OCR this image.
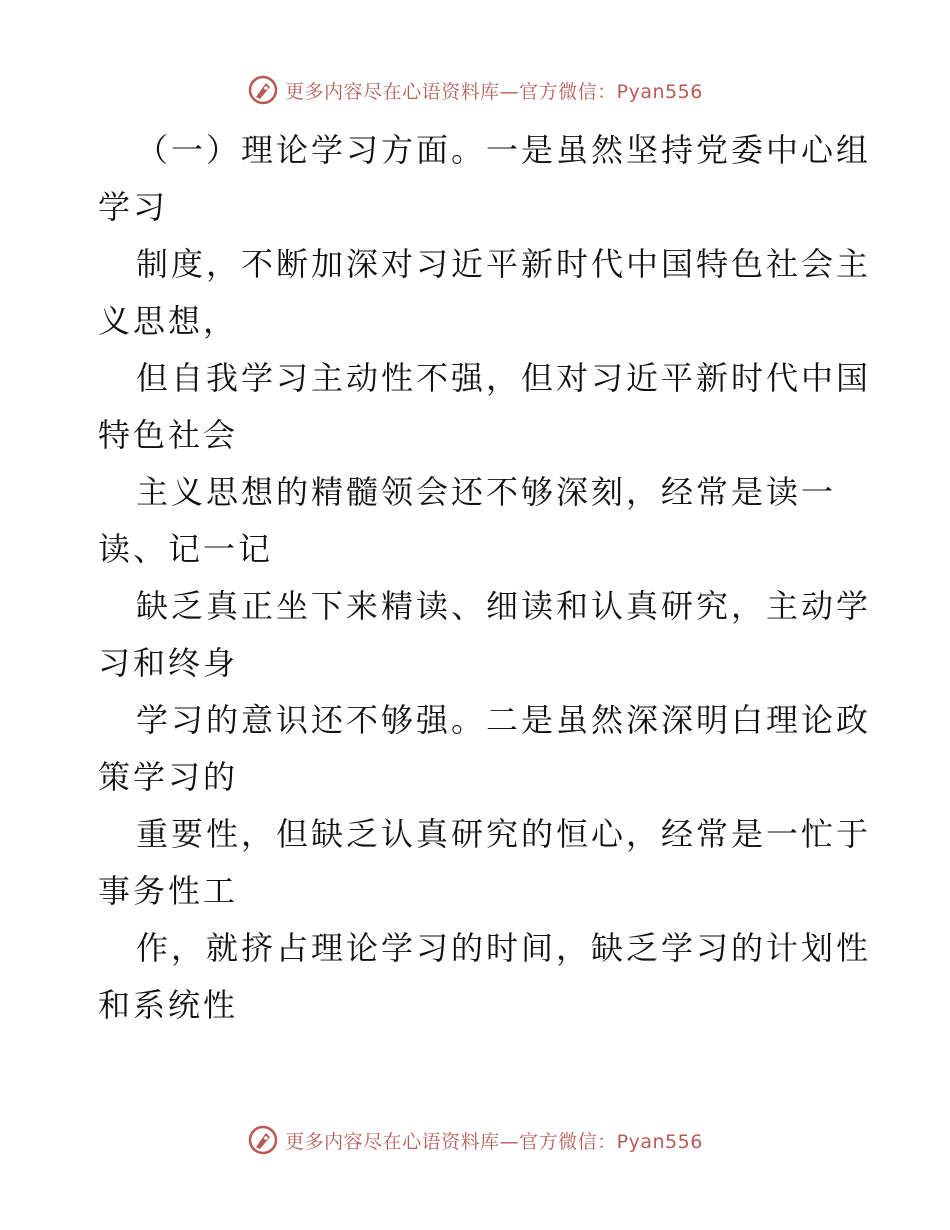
更多内容尽在心语资料库—官方微信：Pyan556
（一）理论学习方面。一是虽然坚持党委中心组
学习
制度，不断加深对习近平新时代中国特色社会主
义思想，
但自我学习主动性不强，但对习近平新时代中国
特色社会
主义思想的精髓领会还不够深刻，经常是读一
读、记一记
缺乏真正坐下来精读、细读和认真研究，主动学
习和终身
学习的意识还不够强。二是虽然深深明白理论政
策学习的
重要性，但缺乏认真研究的恒心，经常是一忙于
事务性工
作，就挤占理论学习的时间，缺乏学习的计划性
和系统性
更多内容尽在心语资料库—官方微信：Pyan556
